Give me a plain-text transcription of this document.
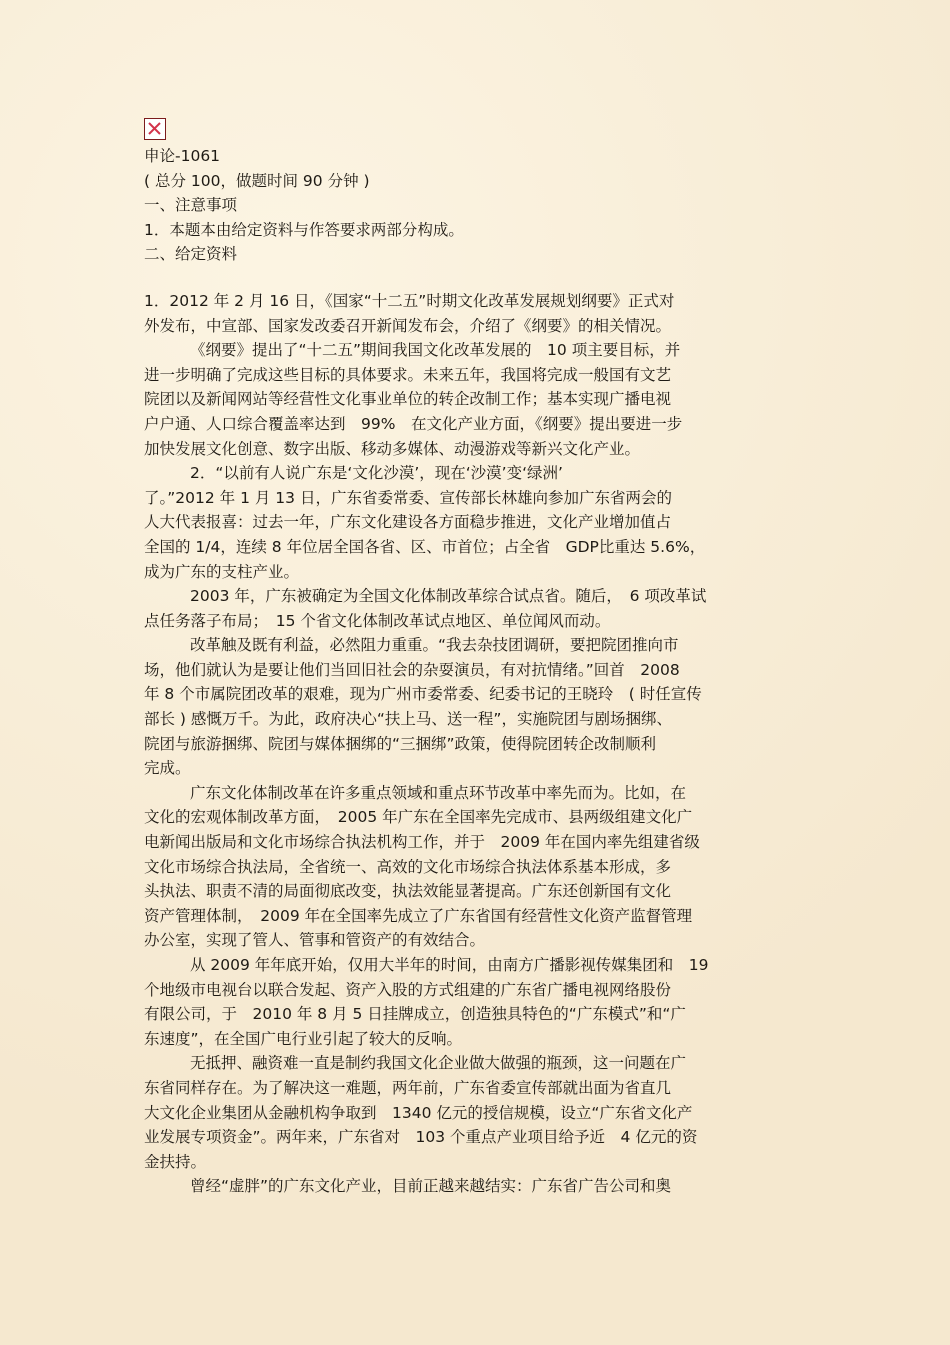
申论-1061
( 总分 100，做题时间 90 分钟 )
一、注意事项
1．本题本由给定资料与作答要求两部分构成。
二、给定资料
1．2012 年 2 月 16 日，《国家“十二五”时期文化改革发展规划纲要》正式对
外发布，中宣部、国家发改委召开新闻发布会，介绍了《纲要》的相关情况。
《纲要》提出了“十二五”期间我国文化改革发展的　10 项主要目标，并
进一步明确了完成这些目标的具体要求。未来五年，我国将完成一般国有文艺
院团以及新闻网站等经营性文化事业单位的转企改制工作；基本实现广播电视
户户通、人口综合覆盖率达到　99%　在文化产业方面，《纲要》提出要进一步
加快发展文化创意、数字出版、移动多媒体、动漫游戏等新兴文化产业。
2．“以前有人说广东是‘文化沙漠’，现在‘沙漠’变‘绿洲’
了。”2012 年 1 月 13 日，广东省委常委、宣传部长林雄向参加广东省两会的
人大代表报喜：过去一年，广东文化建设各方面稳步推进，文化产业增加值占
全国的 1/4，连续 8 年位居全国各省、区、市首位；占全省　GDP比重达 5.6%，
成为广东的支柱产业。
2003 年，广东被确定为全国文化体制改革综合试点省。随后，　6 项改革试
点任务落子布局；　15 个省文化体制改革试点地区、单位闻风而动。
改革触及既有利益，必然阻力重重。“我去杂技团调研，要把院团推向市
场，他们就认为是要让他们当回旧社会的杂耍演员，有对抗情绪。”回首　2008
年 8 个市属院团改革的艰难，现为广州市委常委、纪委书记的王晓玲　( 时任宣传
部长 ) 感慨万千。为此，政府决心“扶上马、送一程”，实施院团与剧场捆绑、
院团与旅游捆绑、院团与媒体捆绑的“三捆绑”政策，使得院团转企改制顺利
完成。
广东文化体制改革在许多重点领域和重点环节改革中率先而为。比如，在
文化的宏观体制改革方面，　2005 年广东在全国率先完成市、县两级组建文化广
电新闻出版局和文化市场综合执法机构工作，并于　2009 年在国内率先组建省级
文化市场综合执法局，全省统一、高效的文化市场综合执法体系基本形成，多
头执法、职责不清的局面彻底改变，执法效能显著提高。广东还创新国有文化
资产管理体制，　2009 年在全国率先成立了广东省国有经营性文化资产监督管理
办公室，实现了管人、管事和管资产的有效结合。
从 2009 年年底开始，仅用大半年的时间，由南方广播影视传媒集团和　19
个地级市电视台以联合发起、资产入股的方式组建的广东省广播电视网络股份
有限公司，于　2010 年 8 月 5 日挂牌成立，创造独具特色的“广东模式”和“广
东速度”，在全国广电行业引起了较大的反响。
无抵押、融资难一直是制约我国文化企业做大做强的瓶颈，这一问题在广
东省同样存在。为了解决这一难题，两年前，广东省委宣传部就出面为省直几
大文化企业集团从金融机构争取到　1340 亿元的授信规模，设立“广东省文化产
业发展专项资金”。两年来，广东省对　103 个重点产业项目给予近　4 亿元的资
金扶持。
曾经“虚胖”的广东文化产业，目前正越来越结实：广东省广告公司和奥
